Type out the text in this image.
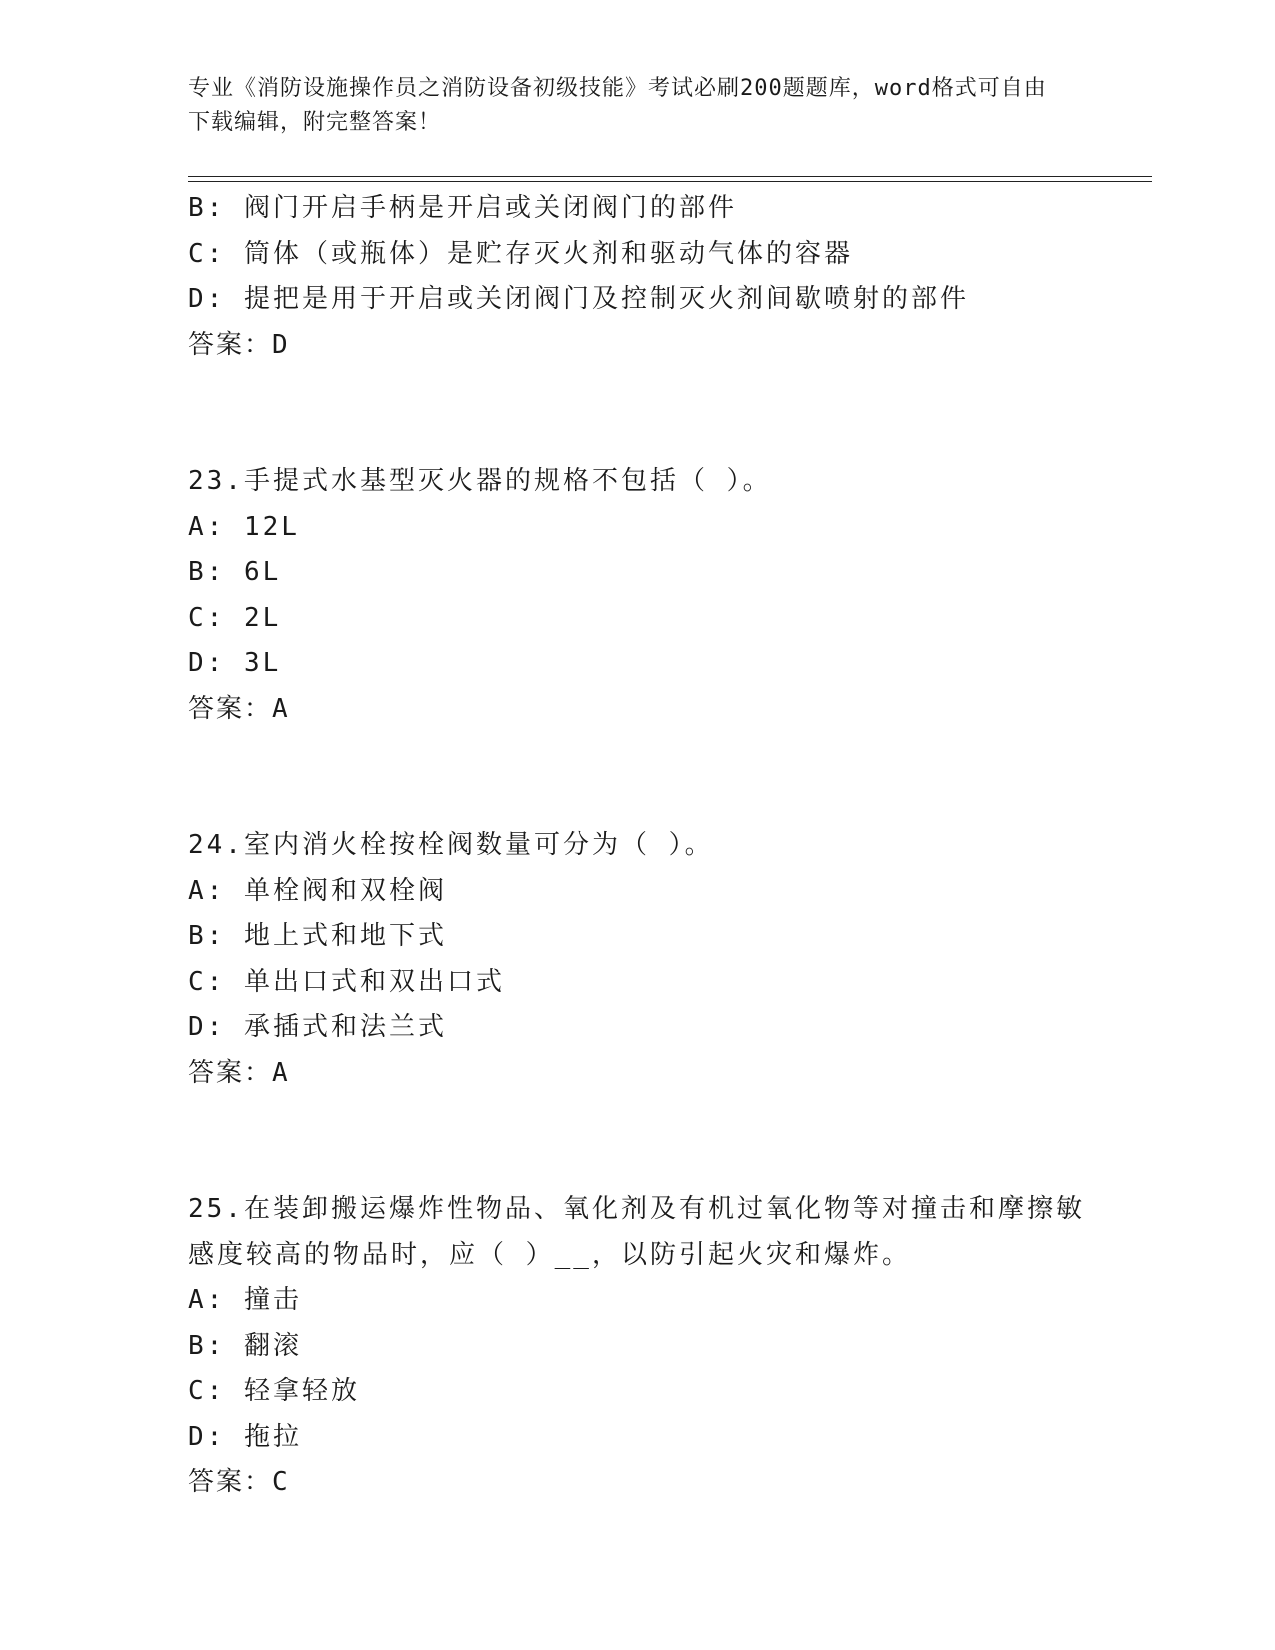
专业《消防设施操作员之消防设备初级技能》考试必刷200题题库，word格式可自由下载编辑，附完整答案！

B: 阀门开启手柄是开启或关闭阀门的部件

C: 筒体（或瓶体）是贮存灭火剂和驱动气体的容器

D: 提把是用于开启或关闭阀门及控制灭火剂间歇喷射的部件

答案：D

23.手提式水基型灭火器的规格不包括（ ）。

A: 12L

B: 6L

C: 2L

D: 3L

答案：A

24.室内消火栓按栓阀数量可分为（ ）。

A: 单栓阀和双栓阀

B: 地上式和地下式

C: 单出口式和双出口式

D: 承插式和法兰式

答案：A

25.在装卸搬运爆炸性物品、氧化剂及有机过氧化物等对撞击和摩擦敏感度较高的物品时，应（ ）__，以防引起火灾和爆炸。

A: 撞击

B: 翻滚

C: 轻拿轻放

D: 拖拉

答案：C
